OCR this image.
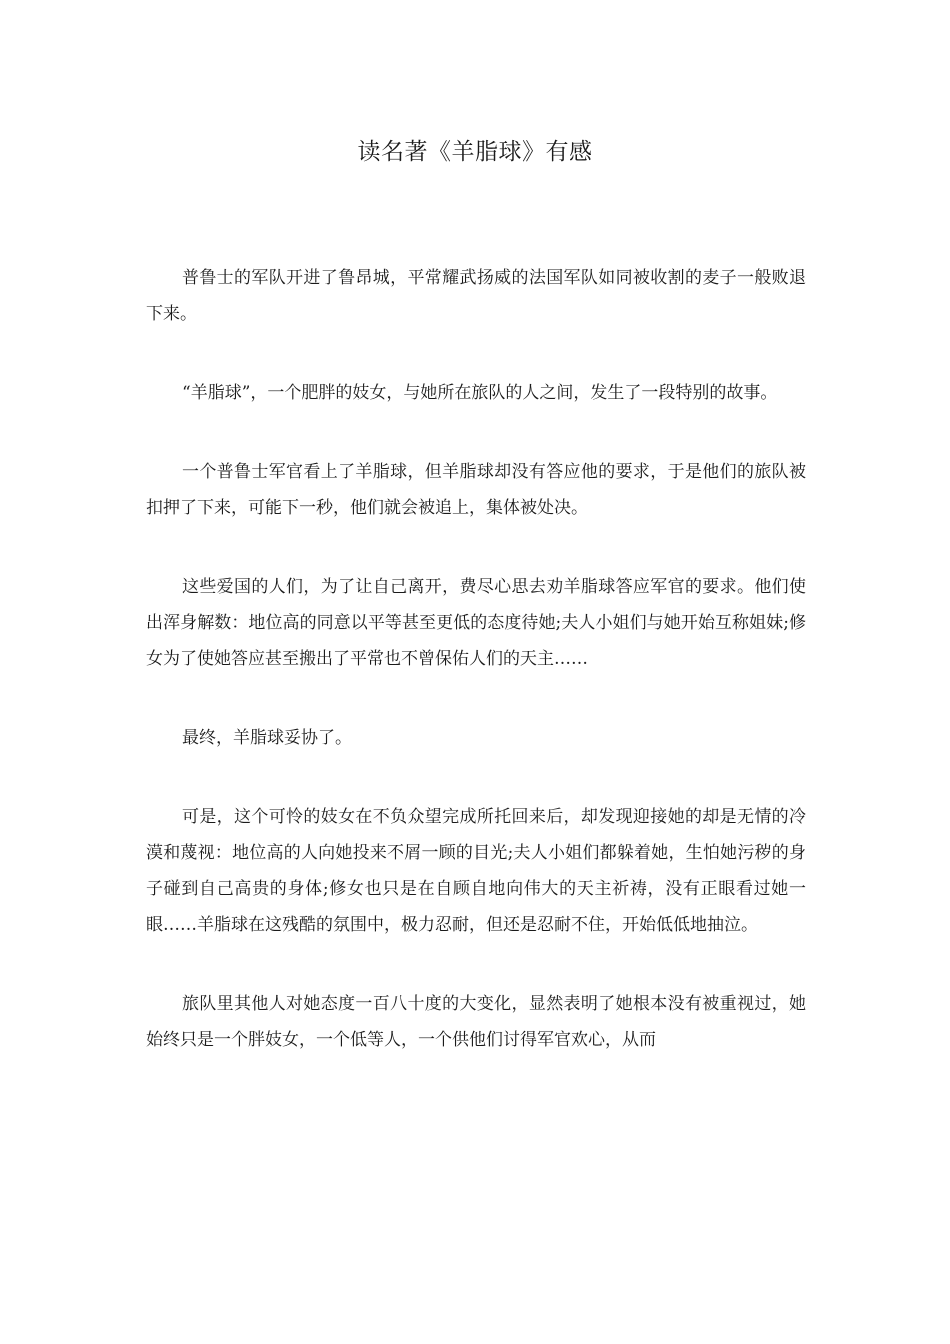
读名著《羊脂球》有感

普鲁士的军队开进了鲁昂城，平常耀武扬威的法国军队如同被收割的麦子一般败退下来。

“羊脂球”，一个肥胖的妓女，与她所在旅队的人之间，发生了一段特别的故事。

一个普鲁士军官看上了羊脂球，但羊脂球却没有答应他的要求，于是他们的旅队被扣押了下来，可能下一秒，他们就会被追上，集体被处决。

这些爱国的人们，为了让自己离开，费尽心思去劝羊脂球答应军官的要求。他们使出浑身解数：地位高的同意以平等甚至更低的态度待她;夫人小姐们与她开始互称姐妹;修女为了使她答应甚至搬出了平常也不曾保佑人们的天主……

最终，羊脂球妥协了。

可是，这个可怜的妓女在不负众望完成所托回来后，却发现迎接她的却是无情的冷漠和蔑视：地位高的人向她投来不屑一顾的目光;夫人小姐们都躲着她，生怕她污秽的身子碰到自己高贵的身体;修女也只是在自顾自地向伟大的天主祈祷，没有正眼看过她一眼……羊脂球在这残酷的氛围中，极力忍耐，但还是忍耐不住，开始低低地抽泣。

旅队里其他人对她态度一百八十度的大变化，显然表明了她根本没有被重视过，她始终只是一个胖妓女，一个低等人，一个供他们讨得军官欢心，从而
